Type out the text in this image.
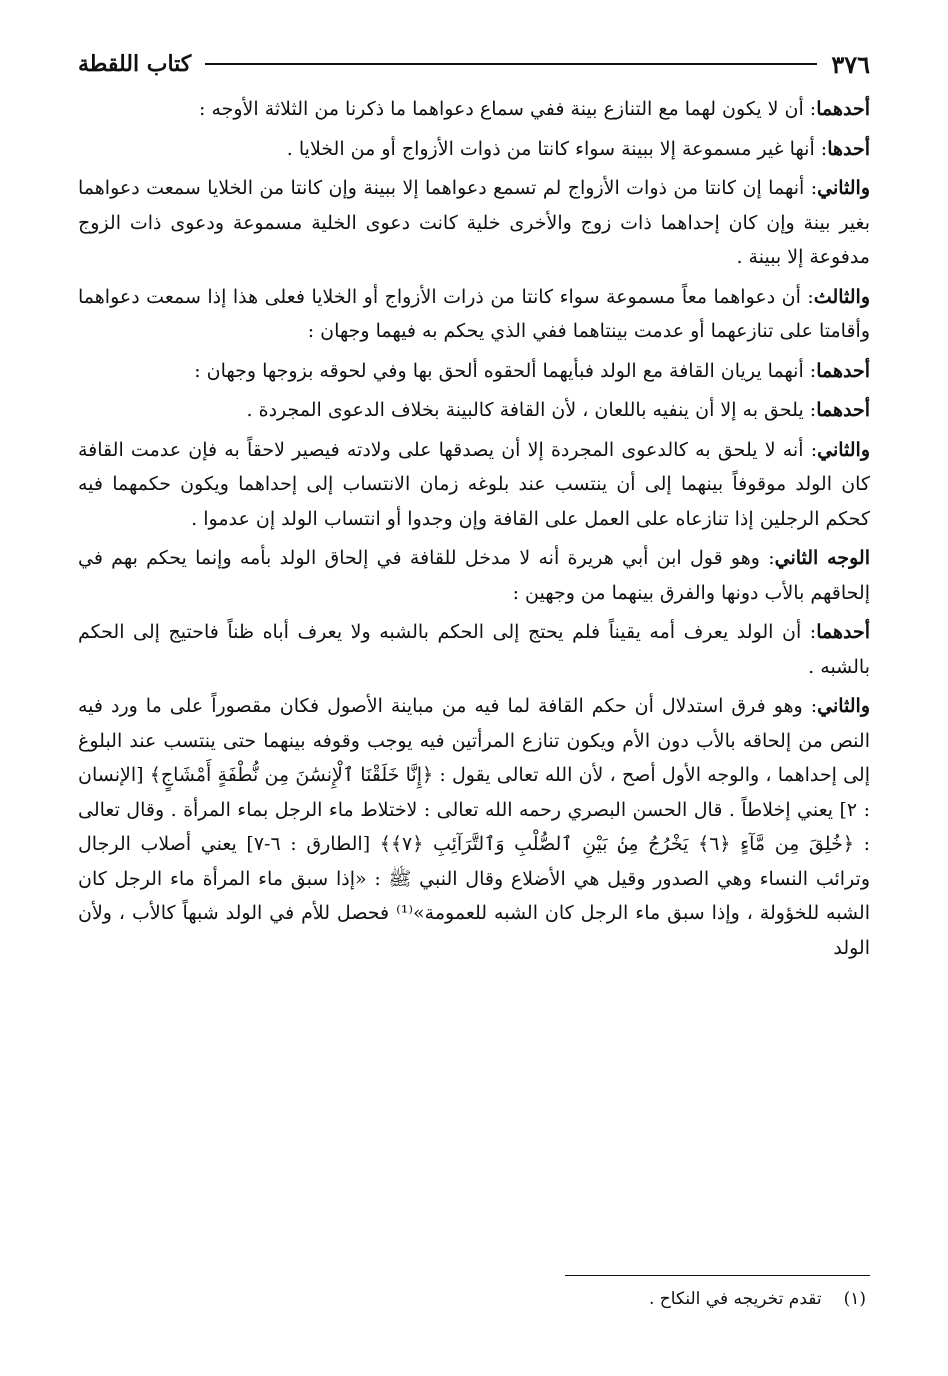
٣٧٦
كتاب اللقطة

أحدهما: أن لا يكون لهما مع التنازع بينة ففي سماع دعواهما ما ذكرنا من الثلاثة الأوجه :

أحدها: أنها غير مسموعة إلا ببينة سواء كانتا من ذوات الأزواج أو من الخلايا .

والثاني: أنهما إن كانتا من ذوات الأزواج لم تسمع دعواهما إلا ببينة وإن كانتا من الخلايا سمعت دعواهما بغير بينة وإن كان إحداهما ذات زوج والأخرى خلية كانت دعوى الخلية مسموعة ودعوى ذات الزوج مدفوعة إلا ببينة .

والثالث: أن دعواهما معاً مسموعة سواء كانتا من ذرات الأزواج أو الخلايا فعلى هذا إذا سمعت دعواهما وأقامتا على تنازعهما أو عدمت بينتاهما ففي الذي يحكم به فيهما وجهان :

أحدهما: أنهما يريان القافة مع الولد فبأيهما ألحقوه ألحق بها وفي لحوقه بزوجها وجهان :

أحدهما: يلحق به إلا أن ينفيه باللعان ، لأن القافة كالبينة بخلاف الدعوى المجردة .

والثاني: أنه لا يلحق به كالدعوى المجردة إلا أن يصدقها على ولادته فيصير لاحقاً به فإن عدمت القافة كان الولد موقوفاً بينهما إلى أن ينتسب عند بلوغه زمان الانتساب إلى إحداهما ويكون حكمهما فيه كحكم الرجلين إذا تنازعاه على العمل على القافة وإن وجدوا أو انتساب الولد إن عدموا .

الوجه الثاني: وهو قول ابن أبي هريرة أنه لا مدخل للقافة في إلحاق الولد بأمه وإنما يحكم بهم في إلحاقهم بالأب دونها والفرق بينهما من وجهين :

أحدهما: أن الولد يعرف أمه يقيناً فلم يحتج إلى الحكم بالشبه ولا يعرف أباه ظناً فاحتيج إلى الحكم بالشبه .

والثاني: وهو فرق استدلال أن حكم القافة لما فيه من مباينة الأصول فكان مقصوراً على ما ورد فيه النص من إلحاقه بالأب دون الأم ويكون تنازع المرأتين فيه يوجب وقوفه بينهما حتى ينتسب عند البلوغ إلى إحداهما ، والوجه الأول أصح ، لأن الله تعالى يقول : ﴿إِنَّا خَلَقْنَا ٱلْإِنسَٰنَ مِن نُّطْفَةٍ أَمْشَاجٍ﴾ [الإنسان : ٢] يعني إخلاطاً . قال الحسن البصري رحمه الله تعالى : لاختلاط ماء الرجل بماء المرأة . وقال تعالى : ﴿خُلِقَ مِن مَّآءٍ ﴿٦﴾ يَخْرُجُ مِنۢ بَيْنِ ٱلصُّلْبِ وَٱلتَّرَآئِبِ ﴿٧﴾﴾ [الطارق : ٦-٧] يعني أصلاب الرجال وترائب النساء وهي الصدور وقيل هي الأضلاع وقال النبي ﷺ : «إذا سبق ماء المرأة ماء الرجل كان الشبه للخؤولة ، وإذا سبق ماء الرجل كان الشبه للعمومة»⁽¹⁾ فحصل للأم في الولد شبهاً كالأب ، ولأن الولد

(١)تقدم تخريجه في النكاح .
